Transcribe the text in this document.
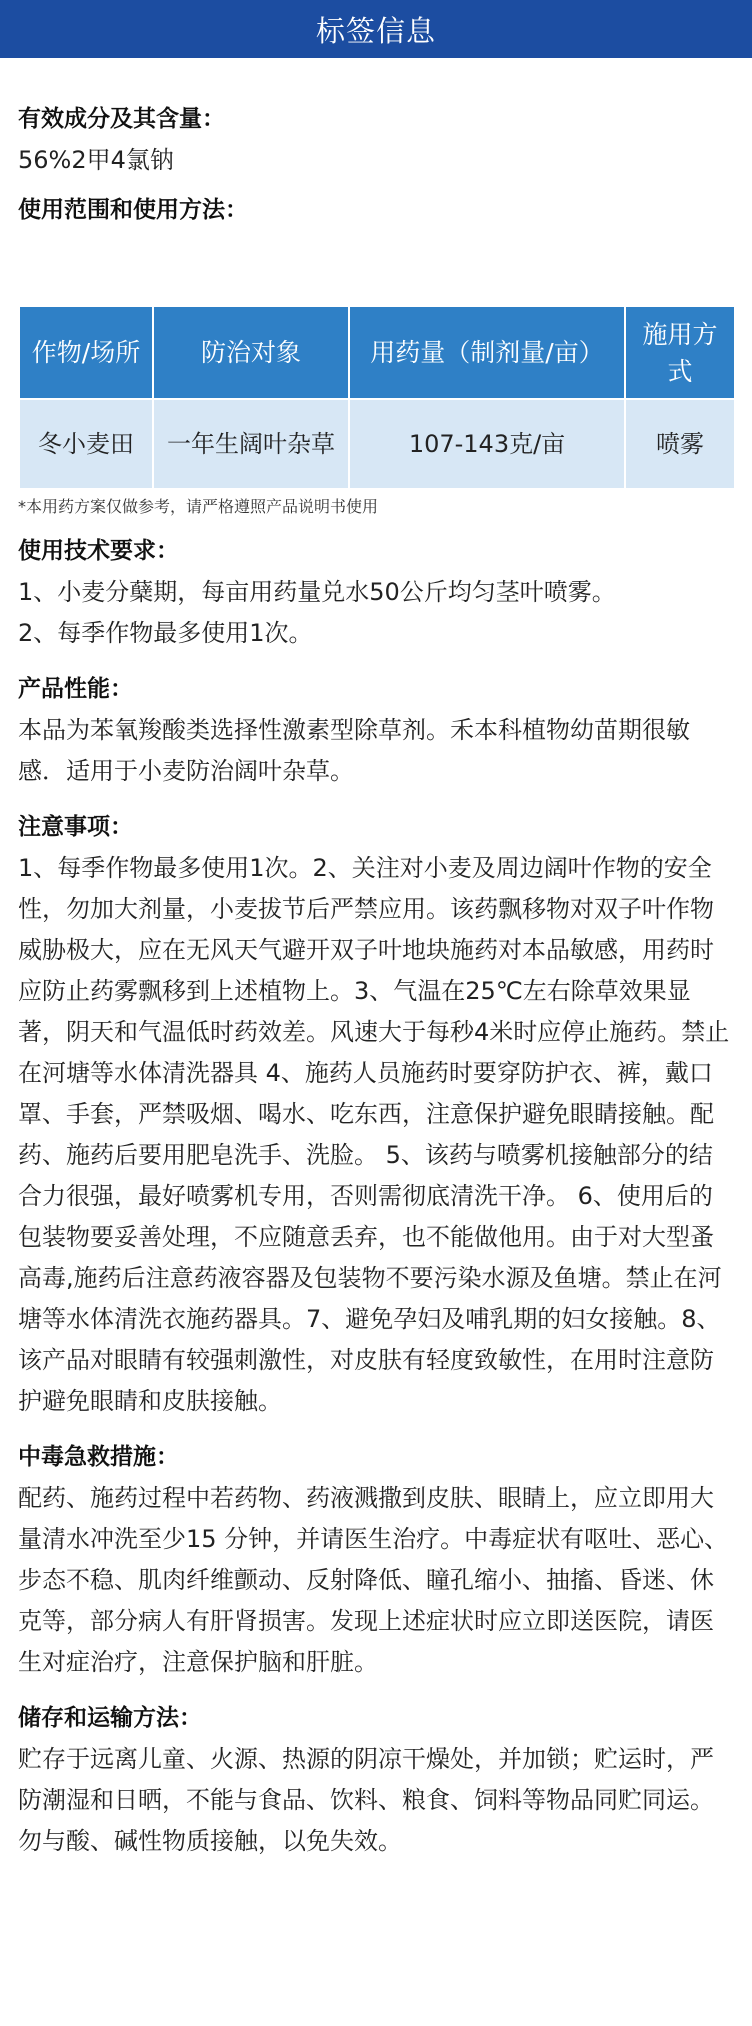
标签信息
有效成分及其含量：
56%2甲4氯钠
使用范围和使用方法：
作物/场所	防治对象	用药量（制剂量/亩）	施用方式
冬小麦田	一年生阔叶杂草	107-143克/亩	喷雾
*本用药方案仅做参考，请严格遵照产品说明书使用
使用技术要求：
1、小麦分蘖期，每亩用药量兑水50公斤均匀茎叶喷雾。
2、每季作物最多使用1次。
产品性能：
本品为苯氧羧酸类选择性激素型除草剂。禾本科植物幼苗期很敏感．适用于小麦防治阔叶杂草。
注意事项：
1、每季作物最多使用1次。2、关注对小麦及周边阔叶作物的安全性，勿加大剂量，小麦拔节后严禁应用。该药飘移物对双子叶作物威胁极大，应在无风天气避开双子叶地块施药对本品敏感，用药时应防止药雾飘移到上述植物上。3、气温在25℃左右除草效果显著，阴天和气温低时药效差。风速大于每秒4米时应停止施药。禁止在河塘等水体清洗器具 4、施药人员施药时要穿防护衣、裤，戴口罩、手套，严禁吸烟、喝水、吃东西，注意保护避免眼睛接触。配药、施药后要用肥皂洗手、洗脸。 5、该药与喷雾机接触部分的结合力很强，最好喷雾机专用，否则需彻底清洗干净。 6、使用后的包装物要妥善处理，不应随意丢弃，也不能做他用。由于对大型蚤高毒,施药后注意药液容器及包装物不要污染水源及鱼塘。禁止在河塘等水体清洗衣施药器具。7、避免孕妇及哺乳期的妇女接触。8、该产品对眼睛有较强刺激性，对皮肤有轻度致敏性，在用时注意防护避免眼睛和皮肤接触。
中毒急救措施：
配药、施药过程中若药物、药液溅撒到皮肤、眼睛上，应立即用大量清水冲洗至少15 分钟，并请医生治疗。中毒症状有呕吐、恶心、步态不稳、肌肉纤维颤动、反射降低、瞳孔缩小、抽搐、昏迷、休克等，部分病人有肝肾损害。发现上述症状时应立即送医院，请医生对症治疗，注意保护脑和肝脏。
储存和运输方法：
贮存于远离儿童、火源、热源的阴凉干燥处，并加锁；贮运时，严防潮湿和日晒，不能与食品、饮料、粮食、饲料等物品同贮同运。勿与酸、碱性物质接触，以免失效。
